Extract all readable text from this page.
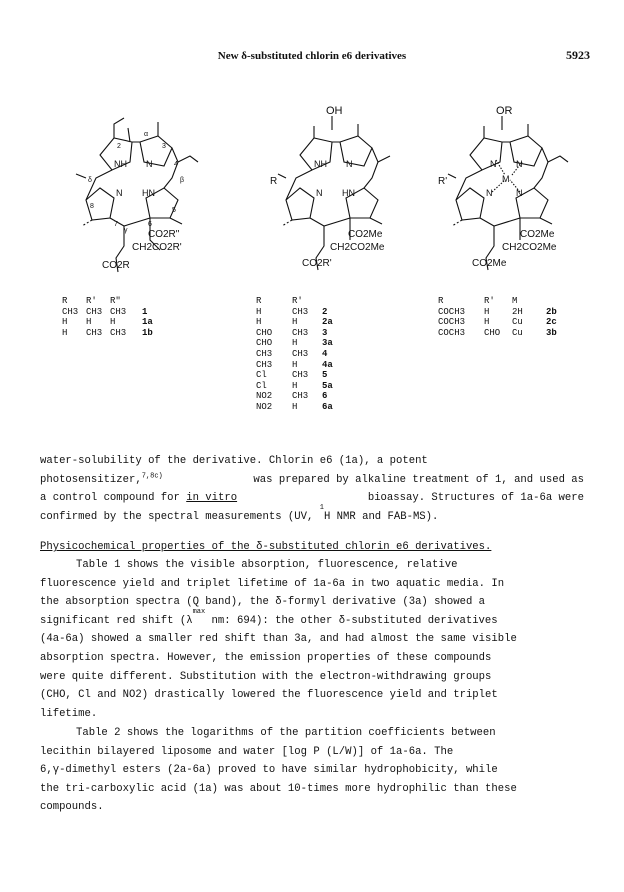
New δ-substituted chlorin e6 derivatives	5923
α
2	3
4
β
5
6
7
8
γ
δ
NH N
N HN
CO2R"
CH2CO2R'
CO2R
OH
R
NH N
N HN
CO2Me
CH2CO2Me
CO2R'
OR
R'
N N
M
N	N
CO2Me
CH2CO2Me
CO2Me
R R' R"
CH3 CH3 CH3 1
H H H	1a
H CH3 CH3 1b
R	R'
H	CH3 2
H	H	2a
CHO CH3 3
CHO H	3a
CH3 CH3 4
CH3 H	4a
Cl	CH3 5
Cl	H	5a
NO2 CH3 6
NO2 H	6a
R	R' M
COCH3 H	2H	2b
COCH3 H	Cu	2c
COCH3 CHO Cu	3b
water-solubility of the derivative. Chlorin e6 (1a), a potent
photosensitizer,$^{7,8c)}$	was prepared by alkaline treatment of 1, and used as
a control compound for in vitro	bioassay. Structures of 1a-6a were
confirmed by the spectral measurements (UV,
1
H NMR and FAB-MS).
Physicochemical properties of the δ-substituted chlorin e6 derivatives.
Table 1 shows the visible absorption, fluorescence, relative
fluorescence yield and triplet lifetime of 1a-6a in two aquatic media. In
the absorption spectra (Q band), the δ-formyl derivative (3a) showed a
significant red shift (λ
max
nm: 694): the other δ-substituted derivatives
(4a-6a) showed a smaller red shift than 3a, and had almost the same visible
absorption spectra. However, the emission properties of these compounds
were quite different. Substitution with the electron-withdrawing groups
(CHO, Cl and NO2) drastically lowered the fluorescence yield and triplet
lifetime.
Table 2 shows the logarithms of the partition coefficients between
lecithin bilayered liposome and water [log P (L/W)] of 1a-6a. The
6,γ-dimethyl esters (2a-6a) proved to have similar hydrophobicity, while
the tri-carboxylic acid (1a) was about 10-times more hydrophilic than these
compounds.
